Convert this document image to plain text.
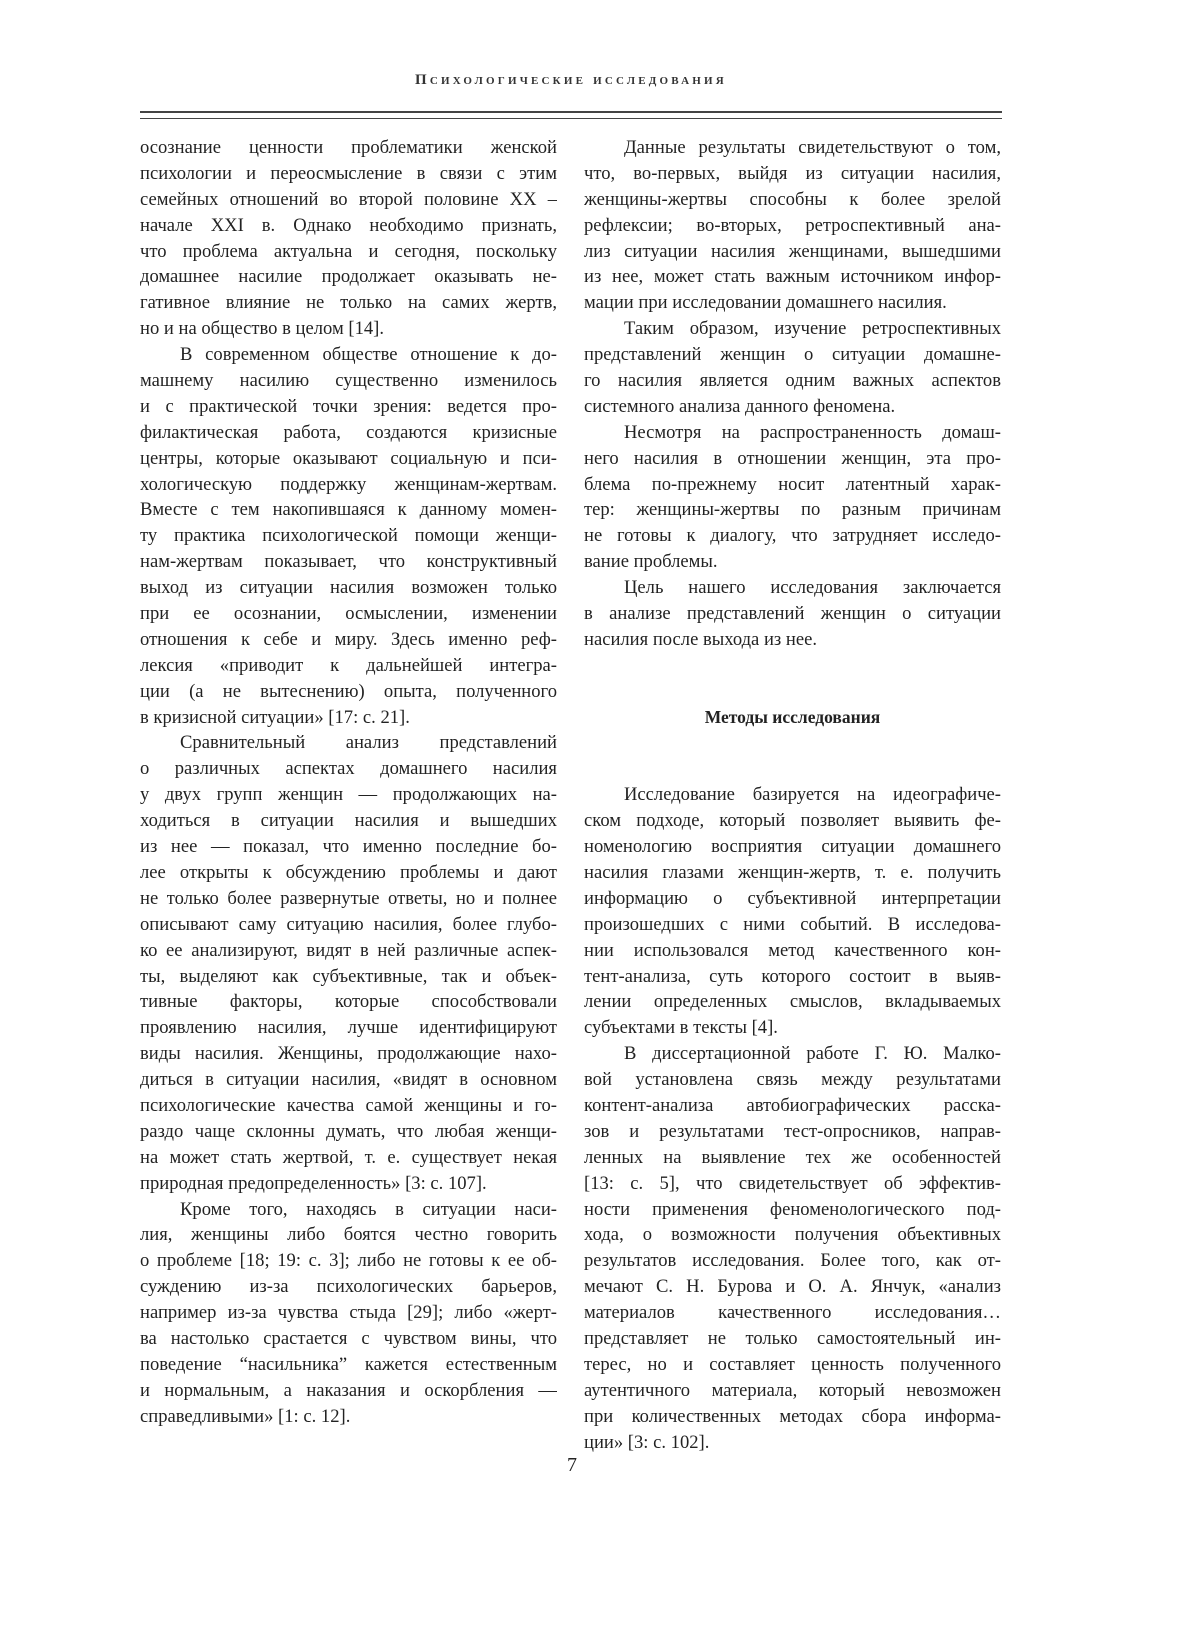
Психологические исследования
осознание ценности проблематики женской
психологии и переосмысление в связи с этим
семейных отношений во второй половине XX –
начале XXI в. Однако необходимо признать,
что проблема актуальна и сегодня, поскольку
домашнее насилие продолжает оказывать не-
гативное влияние не только на самих жертв,
но и на общество в целом [14].
В современном обществе отношение к до-
машнему насилию существенно изменилось
и с практической точки зрения: ведется про-
филактическая работа, создаются кризисные
центры, которые оказывают социальную и пси-
хологическую поддержку женщинам-жертвам.
Вместе с тем накопившаяся к данному момен-
ту практика психологической помощи женщи-
нам-жертвам показывает, что конструктивный
выход из ситуации насилия возможен только
при ее осознании, осмыслении, изменении
отношения к себе и миру. Здесь именно реф-
лексия «приводит к дальнейшей интегра-
ции (а не вытеснению) опыта, полученного
в кризисной ситуации» [17: с. 21].
Сравнительный анализ представлений
о различных аспектах домашнего насилия
у двух групп женщин — продолжающих на-
ходиться в ситуации насилия и вышедших
из нее — показал, что именно последние бо-
лее открыты к обсуждению проблемы и дают
не только более развернутые ответы, но и полнее
описывают саму ситуацию насилия, более глубо-
ко ее анализируют, видят в ней различные аспек-
ты, выделяют как субъективные, так и объек-
тивные факторы, которые способствовали
проявлению насилия, лучше идентифицируют
виды насилия. Женщины, продолжающие нахо-
диться в ситуации насилия, «видят в основном
психологические качества самой женщины и го-
раздо чаще склонны думать, что любая женщи-
на может стать жертвой, т. е. существует некая
природная предопределенность» [3: с. 107].
Кроме того, находясь в ситуации наси-
лия, женщины либо боятся честно говорить
о проблеме [18; 19: с. 3]; либо не готовы к ее об-
суждению из-за психологических барьеров,
например из-за чувства стыда [29]; либо «жерт-
ва настолько срастается с чувством вины, что
поведение “насильника” кажется естественным
и нормальным, а наказания и оскорбления —
справедливыми» [1: с. 12].
Данные результаты свидетельствуют о том,
что, во-первых, выйдя из ситуации насилия,
женщины-жертвы способны к более зрелой
рефлексии; во-вторых, ретроспективный ана-
лиз ситуации насилия женщинами, вышедшими
из нее, может стать важным источником инфор-
мации при исследовании домашнего насилия.
Таким образом, изучение ретроспективных
представлений женщин о ситуации домашне-
го насилия является одним важных аспектов
системного анализа данного феномена.
Несмотря на распространенность домаш-
него насилия в отношении женщин, эта про-
блема по-прежнему носит латентный харак-
тер: женщины-жертвы по разным причинам
не готовы к диалогу, что затрудняет исследо-
вание проблемы.
Цель нашего исследования заключается
в анализе представлений женщин о ситуации
насилия после выхода из нее.
Методы исследования
Исследование базируется на идеографиче-
ском подходе, который позволяет выявить фе-
номенологию восприятия ситуации домашнего
насилия глазами женщин-жертв, т. е. получить
информацию о субъективной интерпретации
произошедших с ними событий. В исследова-
нии использовался метод качественного кон-
тент-анализа, суть которого состоит в выяв-
лении определенных смыслов, вкладываемых
субъектами в тексты [4].
В диссертационной работе Г. Ю. Малко-
вой установлена связь между результатами
контент-анализа автобиографических расска-
зов и результатами тест-опросников, направ-
ленных на выявление тех же особенностей
[13: с. 5], что свидетельствует об эффектив-
ности применения феноменологического под-
хода, о возможности получения объективных
результатов исследования. Более того, как от-
мечают С. Н. Бурова и О. А. Янчук, «анализ
материалов качественного исследования…
представляет не только самостоятельный ин-
терес, но и составляет ценность полученного
аутентичного материала, который невозможен
при количественных методах сбора информа-
ции» [3: с. 102].
7
